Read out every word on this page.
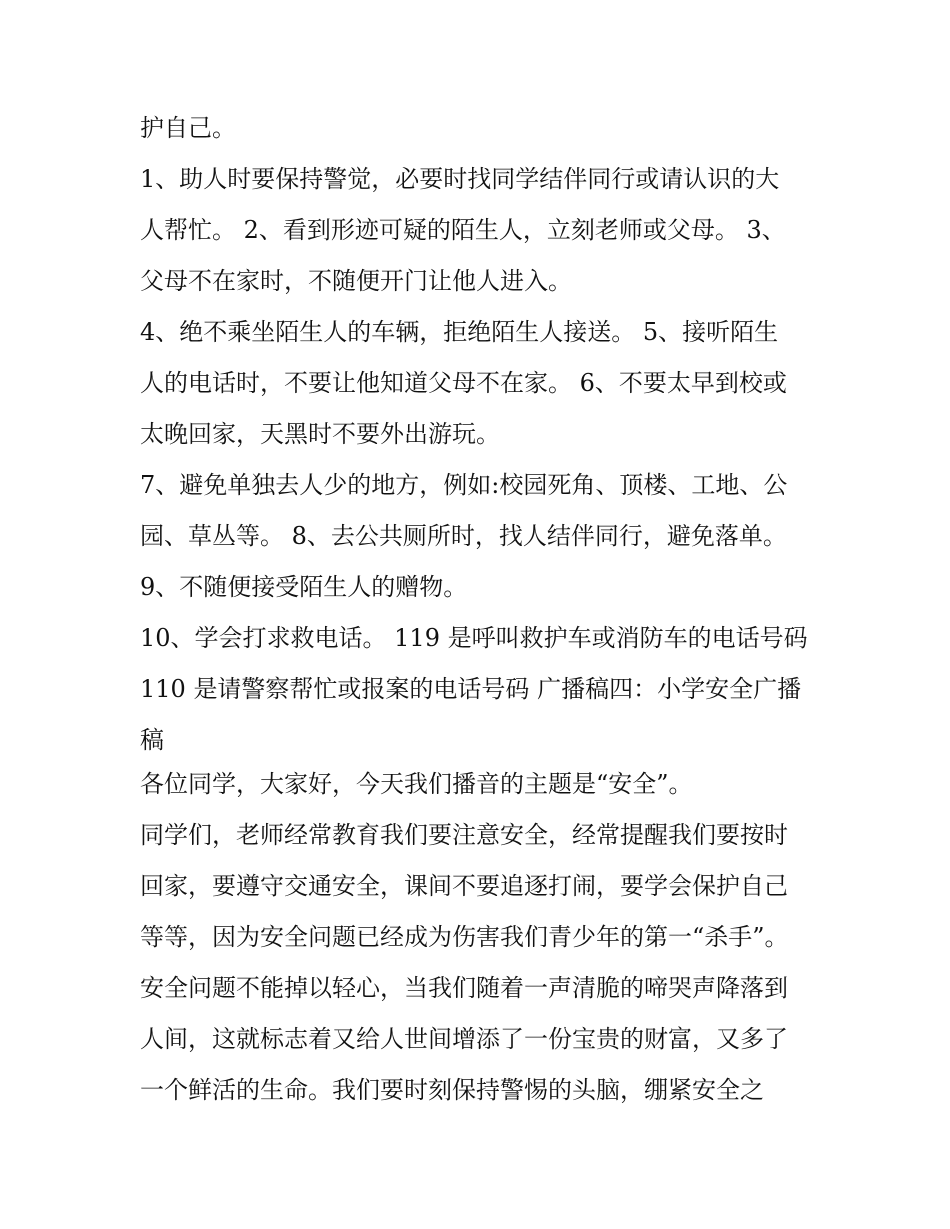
护自己。
1、助人时要保持警觉，必要时找同学结伴同行或请认识的大
人帮忙。 2、看到形迹可疑的陌生人，立刻老师或父母。 3、
父母不在家时，不随便开门让他人进入。
4、绝不乘坐陌生人的车辆，拒绝陌生人接送。 5、接听陌生
人的电话时，不要让他知道父母不在家。 6、不要太早到校或
太晚回家，天黑时不要外出游玩。
7、避免单独去人少的地方，例如:校园死角、顶楼、工地、公
园、草丛等。 8、去公共厕所时，找人结伴同行，避免落单。
9、不随便接受陌生人的赠物。
10、学会打求救电话。 119 是呼叫救护车或消防车的电话号码
110 是请警察帮忙或报案的电话号码 广播稿四：小学安全广播
稿
各位同学，大家好，今天我们播音的主题是“安全”。
同学们，老师经常教育我们要注意安全，经常提醒我们要按时
回家，要遵守交通安全，课间不要追逐打闹，要学会保护自己
等等，因为安全问题已经成为伤害我们青少年的第一“杀手”。
安全问题不能掉以轻心，当我们随着一声清脆的啼哭声降落到
人间，这就标志着又给人世间增添了一份宝贵的财富，又多了
一个鲜活的生命。我们要时刻保持警惕的头脑，绷紧安全之
